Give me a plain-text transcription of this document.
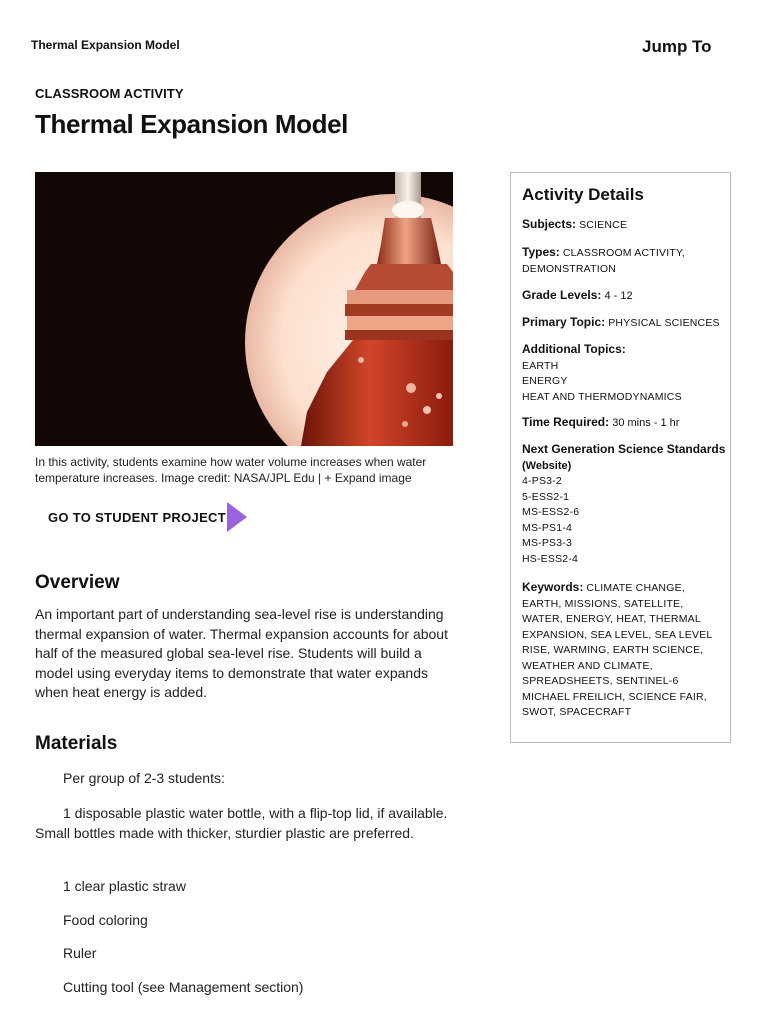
Thermal Expansion Model	Jump To
CLASSROOM ACTIVITY
Thermal Expansion Model
In this activity, students examine how water volume increases when water temperature increases. Image credit: NASA/JPL Edu | + Expand image
GO TO STUDENT PROJECT
Overview

An important part of understanding sea-level rise is understanding thermal expansion of water. Thermal expansion accounts for about half of the measured global sea-level rise. Students will build a model using everyday items to demonstrate that water expands when heat energy is added.

Materials

Per group of 2-3 students:

1 disposable plastic water bottle, with a flip-top lid, if available. Small bottles made with thicker, sturdier plastic are preferred.

1 clear plastic straw

Food coloring

Ruler

Cutting tool (see Management section)

Activity Details
Subjects: SCIENCE
Types: CLASSROOM ACTIVITY, DEMONSTRATION
Grade Levels: 4 - 12
Primary Topic: PHYSICAL SCIENCES
Additional Topics:
EARTH
ENERGY
HEAT AND THERMODYNAMICS
Time Required: 30 mins - 1 hr
Next Generation Science Standards (Website)
4-PS3-2
5-ESS2-1
MS-ESS2-6
MS-PS1-4
MS-PS3-3
HS-ESS2-4
Keywords: CLIMATE CHANGE, EARTH, MISSIONS, SATELLITE, WATER, ENERGY, HEAT, THERMAL EXPANSION, SEA LEVEL, SEA LEVEL RISE, WARMING, EARTH SCIENCE, WEATHER AND CLIMATE, SPREADSHEETS, SENTINEL-6 MICHAEL FREILICH, SCIENCE FAIR, SWOT, SPACECRAFT
